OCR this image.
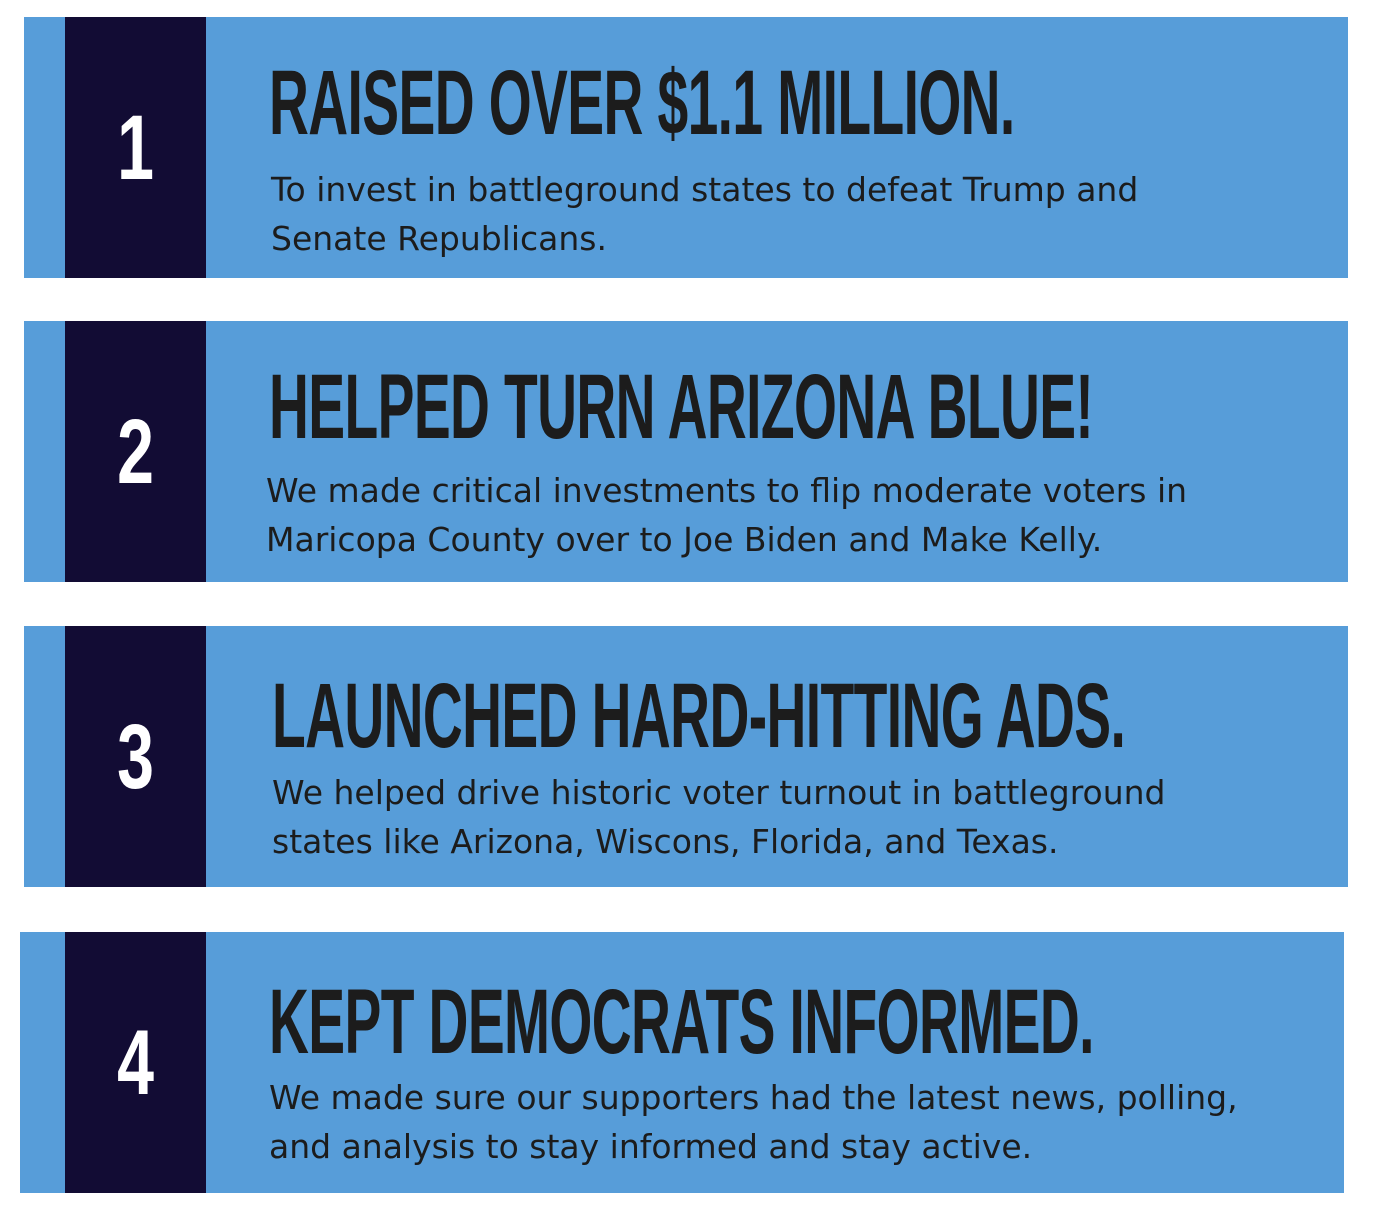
1 RAISED OVER $1.1 MILLION.

To invest in battleground states to defeat Trump and Senate Republicans.

2 HELPED TURN ARIZONA BLUE!

We made critical investments to flip moderate voters in Maricopa County over to Joe Biden and Make Kelly.

3 LAUNCHED HARD-HITTING ADS.

We helped drive historic voter turnout in battleground states like Arizona, Wiscons, Florida, and Texas.

4 KEPT DEMOCRATS INFORMED.

We made sure our supporters had the latest news, polling, and analysis to stay informed and stay active.
